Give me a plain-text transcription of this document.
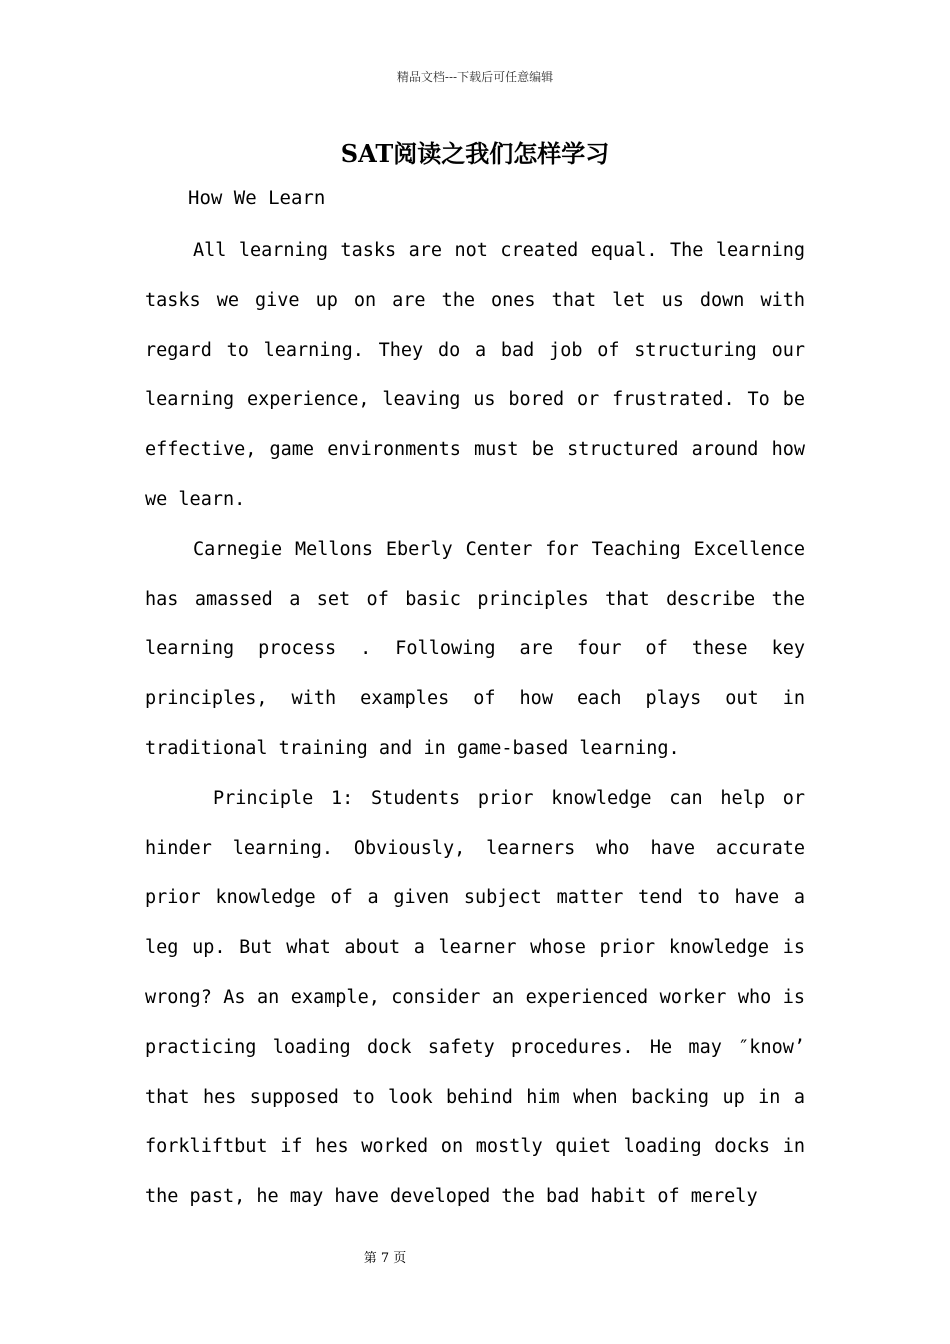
精品文档---下载后可任意编辑
SAT阅读之我们怎样学习

How We Learn

All learning tasks are not created equal. The learning tasks we give up on are the ones that let us down with regard to learning. They do a bad job of structuring our learning experience, leaving us bored or frustrated. To be effective, game environments must be structured around how we learn.

Carnegie Mellons Eberly Center for Teaching Excellence has amassed a set of basic principles that describe the learning process . Following are four of these key principles, with examples of how each plays out in traditional training and in game-based learning.

Principle 1: Students prior knowledge can help or hinder learning. Obviously, learners who have accurate prior knowledge of a given subject matter tend to have a leg up. But what about a learner whose prior knowledge is wrong? As an example, consider an experienced worker who is practicing loading dock safety procedures. He may ″know’ that hes supposed to look behind him when backing up in a forkliftbut if hes worked on mostly quiet loading docks in the past, he may have developed the bad habit of merely

第 7 页
